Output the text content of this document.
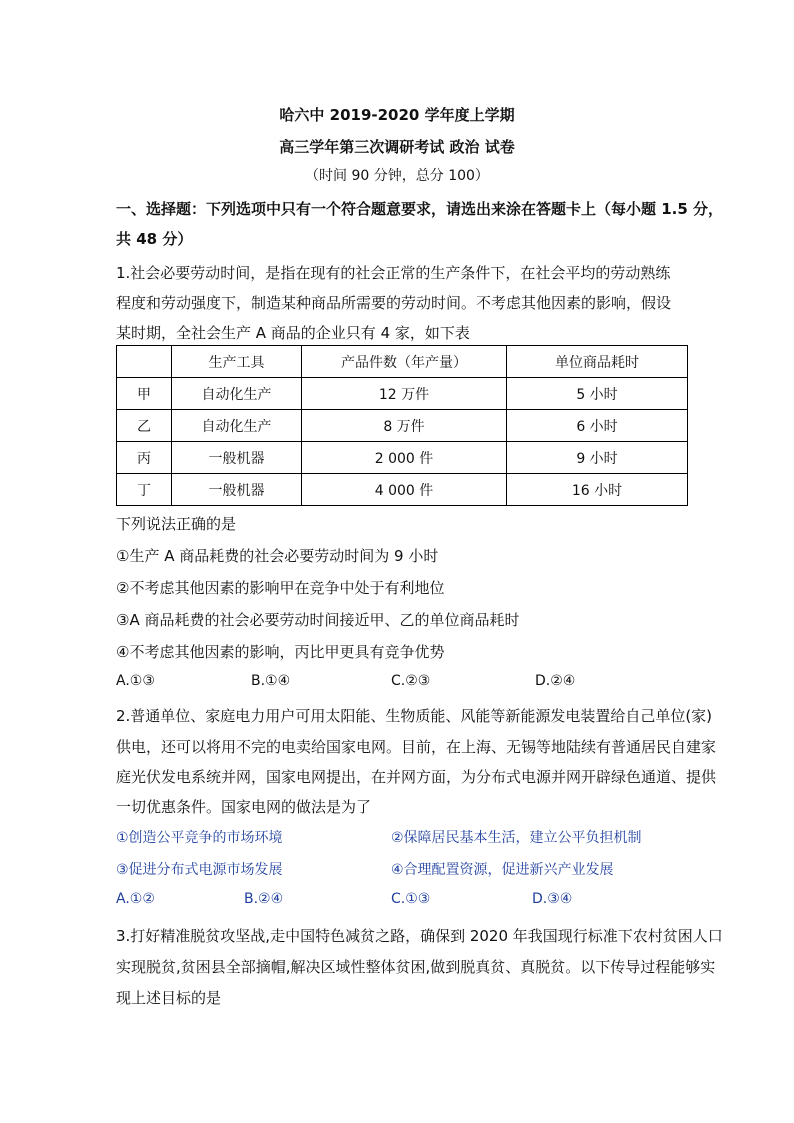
哈六中 2019-2020 学年度上学期
高三学年第三次调研考试 政治 试卷
（时间 90 分钟，总分 100）
一、选择题：下列选项中只有一个符合题意要求，请选出来涂在答题卡上（每小题 1.5 分，
共 48 分）
1.社会必要劳动时间，是指在现有的社会正常的生产条件下，在社会平均的劳动熟练
程度和劳动强度下，制造某种商品所需要的劳动时间。不考虑其他因素的影响，假设
某时期，全社会生产 A 商品的企业只有 4 家，如下表
	生产工具	产品件数（年产量）	单位商品耗时
甲	自动化生产	12 万件	5 小时
乙	自动化生产	8 万件	6 小时
丙	一般机器	2 000 件	9 小时
丁	一般机器	4 000 件	16 小时
下列说法正确的是
①生产 A 商品耗费的社会必要劳动时间为 9 小时
②不考虑其他因素的影响甲在竞争中处于有利地位
③A 商品耗费的社会必要劳动时间接近甲、乙的单位商品耗时
④不考虑其他因素的影响，丙比甲更具有竞争优势
A.①③	B.①④	C.②③	D.②④
2.普通单位、家庭电力用户可用太阳能、生物质能、风能等新能源发电装置给自己单位(家)
供电，还可以将用不完的电卖给国家电网。目前，在上海、无锡等地陆续有普通居民自建家
庭光伏发电系统并网，国家电网提出，在并网方面，为分布式电源并网开辟绿色通道、提供
一切优惠条件。国家电网的做法是为了
①创造公平竞争的市场环境	②保障居民基本生活，建立公平负担机制
③促进分布式电源市场发展	④合理配置资源，促进新兴产业发展
A.①②	B.②④	C.①③	D.③④
3.打好精准脱贫攻坚战,走中国特色减贫之路，确保到 2020 年我国现行标准下农村贫困人口
实现脱贫,贫困县全部摘帽,解决区域性整体贫困,做到脱真贫、真脱贫。以下传导过程能够实
现上述目标的是
